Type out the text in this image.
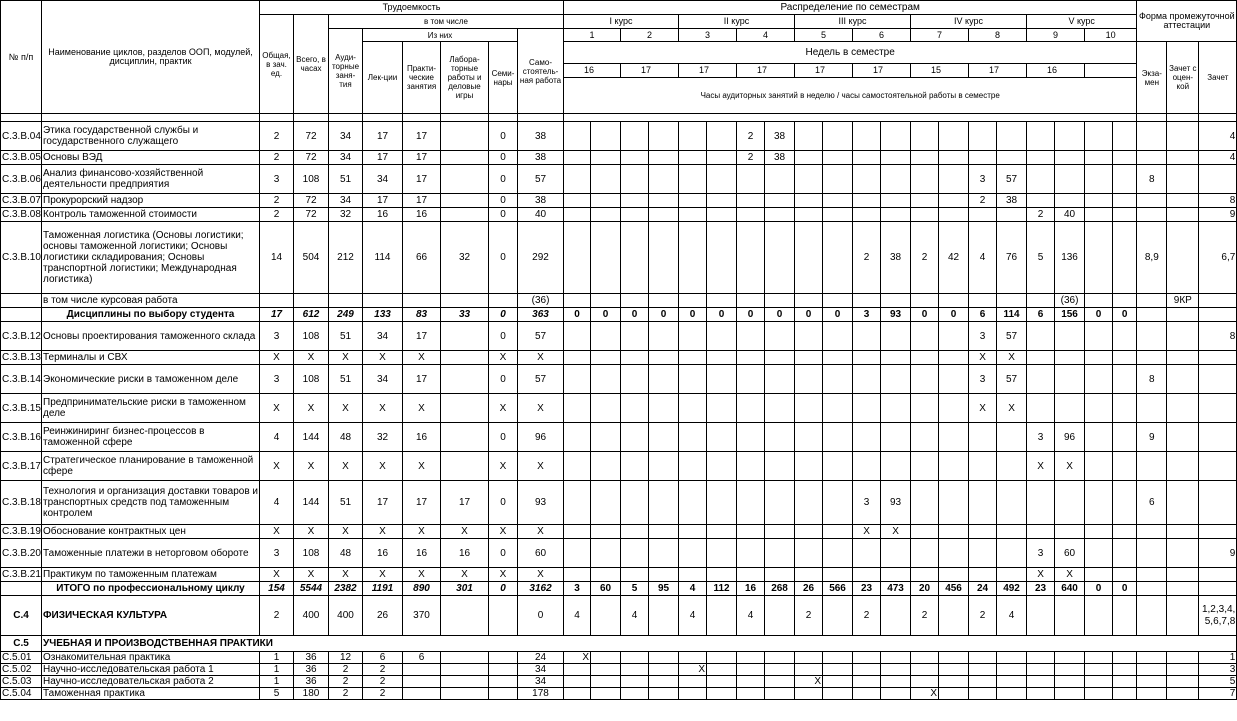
№ п/п	Наименование циклов, разделов ООП, модулей, дисциплин, практик	Трудоемкость								Распределение по семестрам																				Форма промежуточной аттестации		
		Общая, в зач. ед.	Всего, в часах	в том числе						I курс				II курс				III курс				IV курс				V курс						
				Ауди-торные заня-тия	Из них				Само-стоятель-ная работа	1		2		3		4		5		6		7		8		9		10				
					Лек-ции	Практи-ческие занятия	Лабора-торные работы и деловые игры	Семи-нары		Недель в семестре																				Экза-мен	Зачет с оцен-кой	Зачет
										16		17		17		17		17		17		15		17		16						
										Часы аудиторных занятий в неделю / часы самостоятельной работы в семестре																						

С.3.В.04	Этика государственной службы и государственного служащего	2	72	34	17	17		0	38							2	38															4
С.3.В.05	Основы ВЭД	2	72	34	17	17		0	38							2	38															4
С.3.В.06	Анализ финансово-хозяйственной деятельности предприятия	3	108	51	34	17		0	57															3	57					8		
С.3.В.07	Прокурорский надзор	2	72	34	17	17		0	38															2	38							8
С.3.В.08	Контроль таможенной стоимости	2	72	32	16	16		0	40																	2	40					9
С.3.В.10	Таможенная логистика (Основы логистики; основы таможенной логистики; Основы логистики складирования; Основы транспортной логистики; Международная логистика)	14	504	212	114	66	32	0	292											2	38	2	42	4	76	5	136			8,9		6,7
	в том числе курсовая работа								(36)																		(36)				9КР	
	Дисциплины по выбору студента	17	612	249	133	83	33	0	363	0	0	0	0	0	0	0	0	0	0	3	93	0	0	6	114	6	156	0	0			
С.3.В.12	Основы проектирования таможенного склада	3	108	51	34	17		0	57															3	57							8
С.3.В.13	Терминалы и СВХ	X	X	X	X	X		X	X															X	X							
С.3.В.14	Экономические риски в таможенном деле	3	108	51	34	17		0	57															3	57					8		
С.3.В.15	Предпринимательские риски в таможенном деле	X	X	X	X	X		X	X															X	X							
С.3.В.16	Реинжиниринг бизнес-процессов в таможенной сфере	4	144	48	32	16		0	96																	3	96			9		
С.3.В.17	Стратегическое планирование в таможенной сфере	X	X	X	X	X		X	X																	X	X					
С.3.В.18	Технология и организация доставки товаров и транспортных средств под таможенным контролем	4	144	51	17	17	17	0	93											3	93									6		
С.3.В.19	Обоснование контрактных цен	X	X	X	X	X	X	X	X											X	X											
С.3.В.20	Таможенные платежи в неторговом обороте	3	108	48	16	16	16	0	60																	3	60					9
С.3.В.21	Практикум по таможенным платежам	X	X	X	X	X	X	X	X																	X	X					
	ИТОГО по профессиональному циклу	154	5544	2382	1191	890	301	0	3162	3	60	5	95	4	112	16	268	26	566	23	473	20	456	24	492	23	640	0	0			
С.4	ФИЗИЧЕСКАЯ КУЛЬТУРА	2	400	400	26	370			0	4		4		4		4		2		2		2		2	4							1,2,3,4, 5,6,7,8
С.5	УЧЕБНАЯ И ПРОИЗВОДСТВЕННАЯ ПРАКТИКИ																															
С.5.01	Ознакомительная практика	1	36	12	6	6			24	X																						1
С.5.02	Научно-исследовательская работа 1	1	36	2	2				34					X																		3
С.5.03	Научно-исследовательская работа 2	1	36	2	2				34									X														5
С.5.04	Таможенная практика	5	180	2	2				178													X										7
